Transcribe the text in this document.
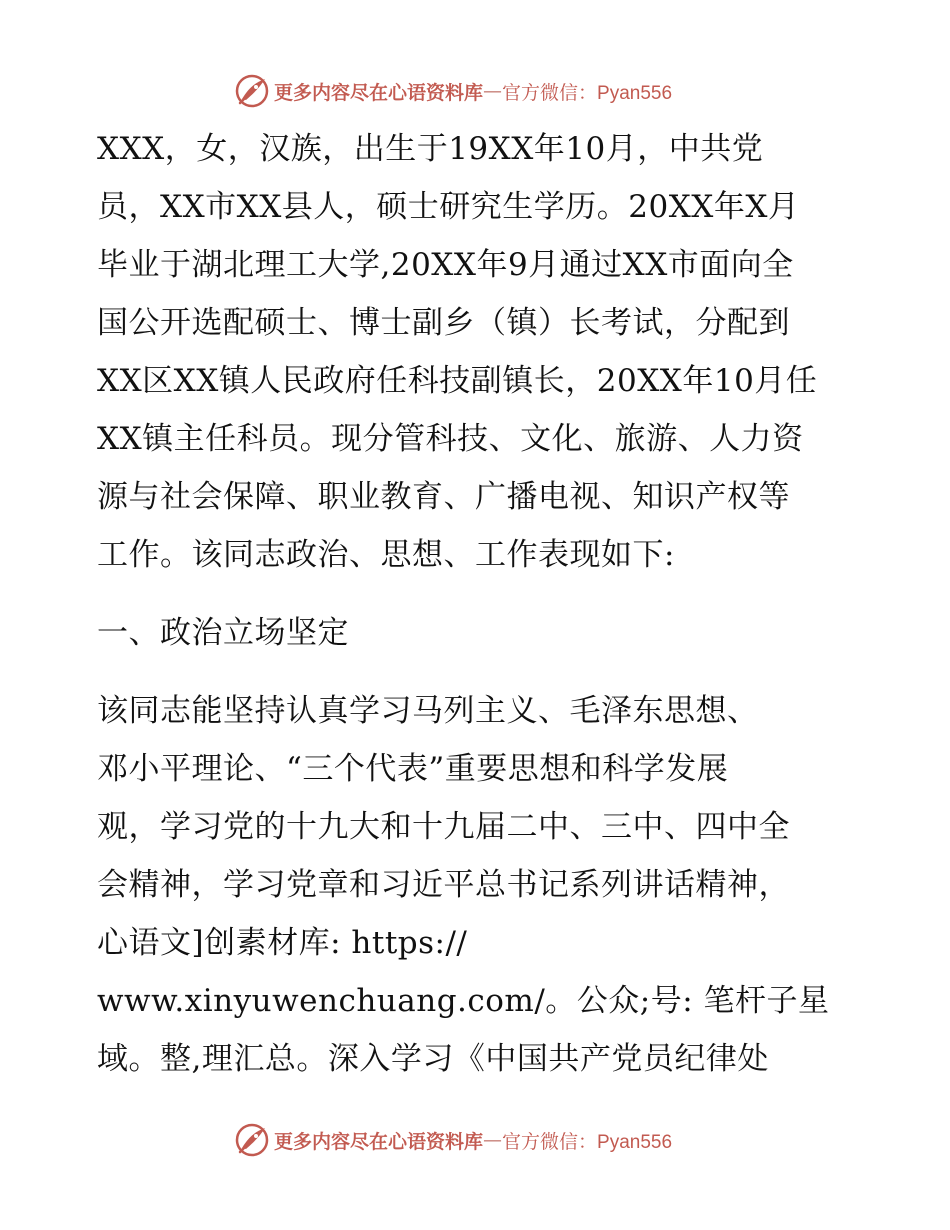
更多内容尽在心语资料库 — 官方微信：Pyan556
XXX，女，汉族，出生于19XX年10月，中共党
员，XX市XX县人，硕士研究生学历。20XX年X月
毕业于湖北理工大学,20XX年9月通过XX市面向全
国公开选配硕士、博士副乡（镇）长考试，分配到
XX区XX镇人民政府任科技副镇长，20XX年10月任
XX镇主任科员。现分管科技、文化、旅游、人力资
源与社会保障、职业教育、广播电视、知识产权等
工作。该同志政治、思想、工作表现如下:
一、政治立场坚定
该同志能坚持认真学习马列主义、毛泽东思想、
邓小平理论、“三个代表”重要思想和科学发展
观，学习党的十九大和十九届二中、三中、四中全
会精神，学习党章和习近平总书记系列讲话精神，
心语文]创素材库: https://
www.xinyuwenchuang.com/。公众;号: 笔杆子星
域。整,理汇总。深入学习《中国共产党员纪律处
更多内容尽在心语资料库 — 官方微信：Pyan556
